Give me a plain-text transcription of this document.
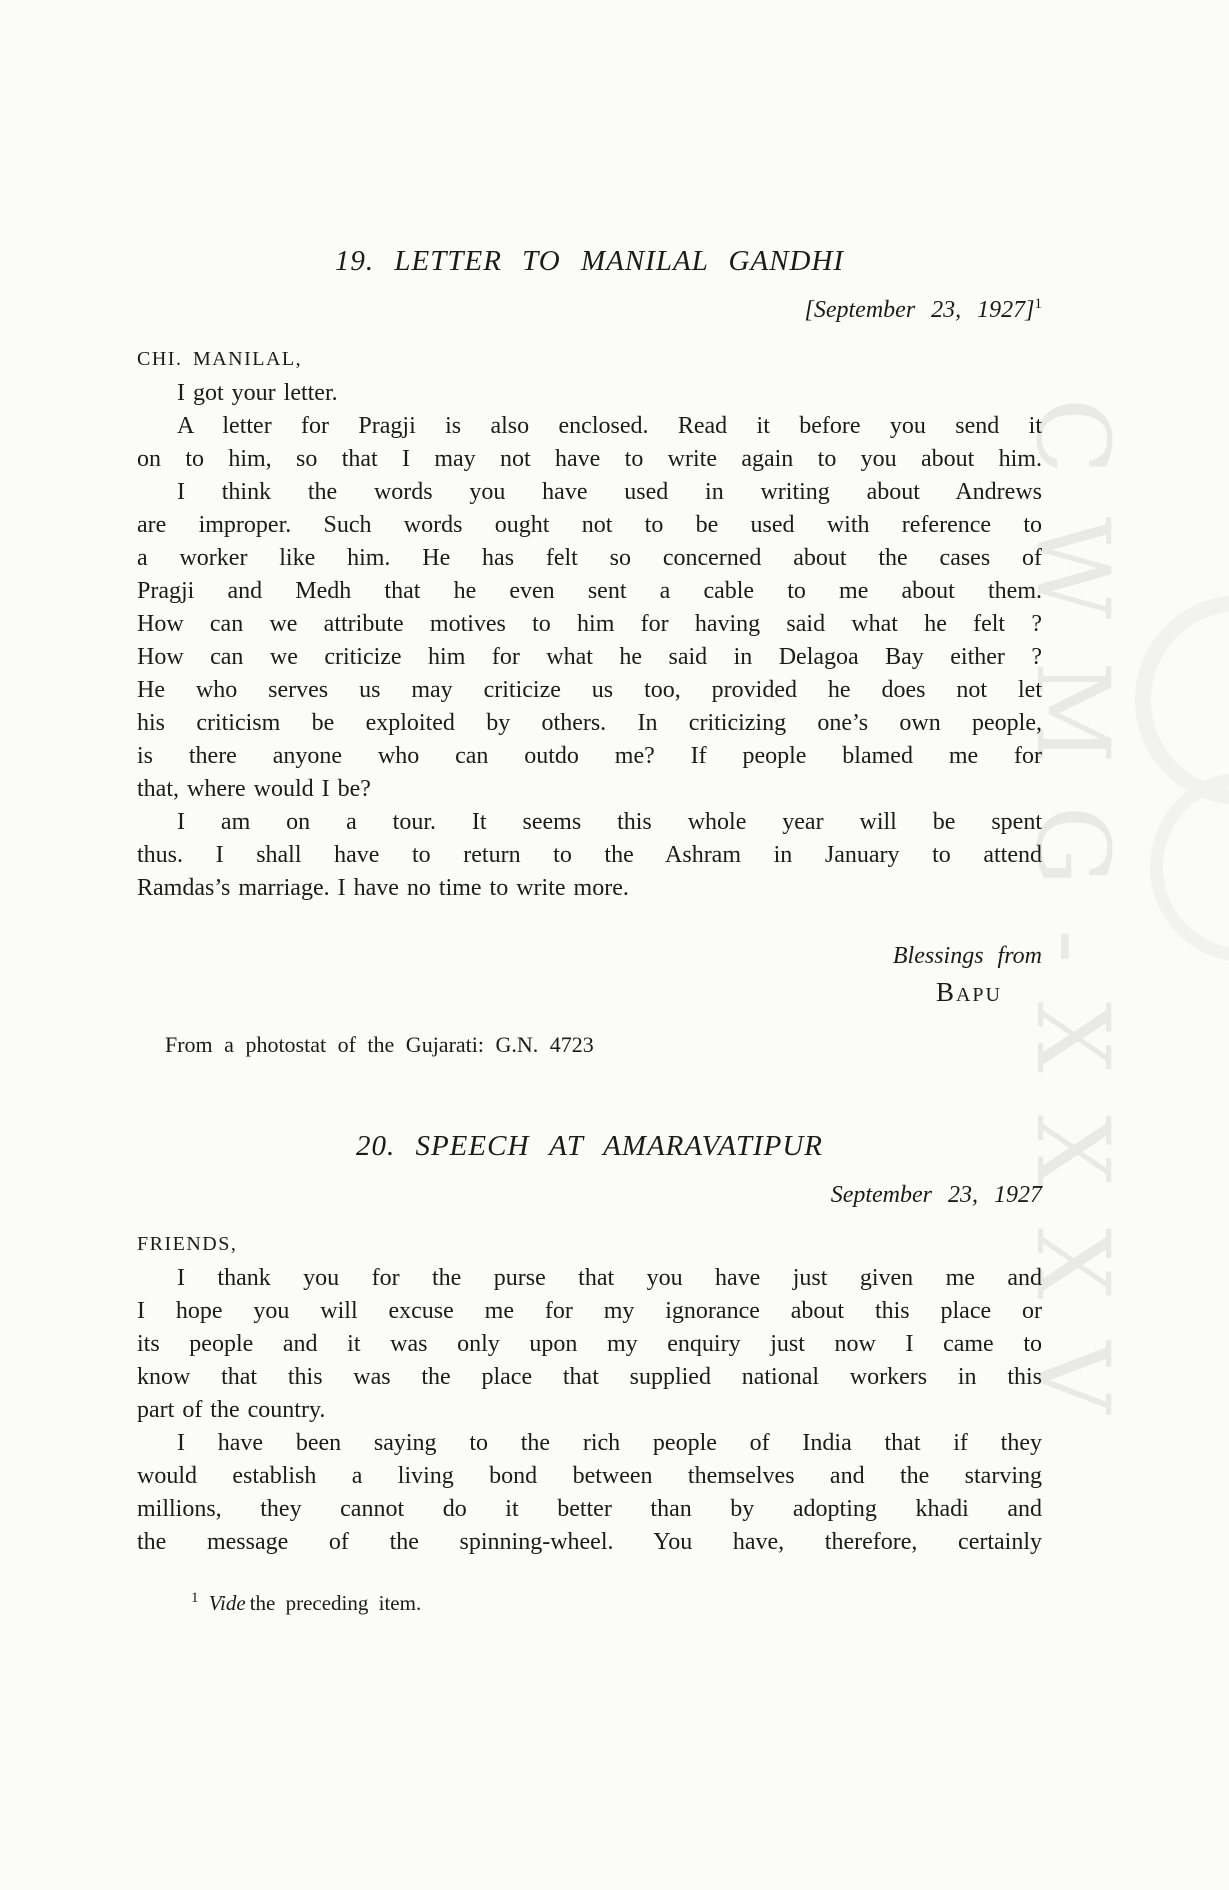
CWMG-XXXV
19. LETTER TO MANILAL GANDHI
[September 23, 1927]$^1$
CHI. MANILAL,
I got your letter.
A letter for Pragji is also enclosed. Read it before you send it
on to him, so that I may not have to write again to you about him.
I think the words you have used in writing about Andrews
are improper. Such words ought not to be used with reference to
a worker like him. He has felt so concerned about the cases of
Pragji and Medh that he even sent a cable to me about them.
How can we attribute motives to him for having said what he felt ?
How can we criticize him for what he said in Delagoa Bay either ?
He who serves us may criticize us too, provided he does not let
his criticism be exploited by others. In criticizing one’s own people,
is there anyone who can outdo me? If people blamed me for
that, where would I be?
I am on a tour. It seems this whole year will be spent
thus. I shall have to return to the Ashram in January to attend
Ramdas’s marriage. I have no time to write more.
Blessings from
BAPU
From a photostat of the Gujarati: G.N. 4723
20. SPEECH AT AMARAVATIPUR
September 23, 1927
FRIENDS,
I thank you for the purse that you have just given me and
I hope you will excuse me for my ignorance about this place or
its people and it was only upon my enquiry just now I came to
know that this was the place that supplied national workers in this
part of the country.
I have been saying to the rich people of India that if they
would establish a living bond between themselves and the starving
millions, they cannot do it better than by adopting khadi and
the message of the spinning-wheel. You have, therefore, certainly
$^1$ Vide the preceding item.
